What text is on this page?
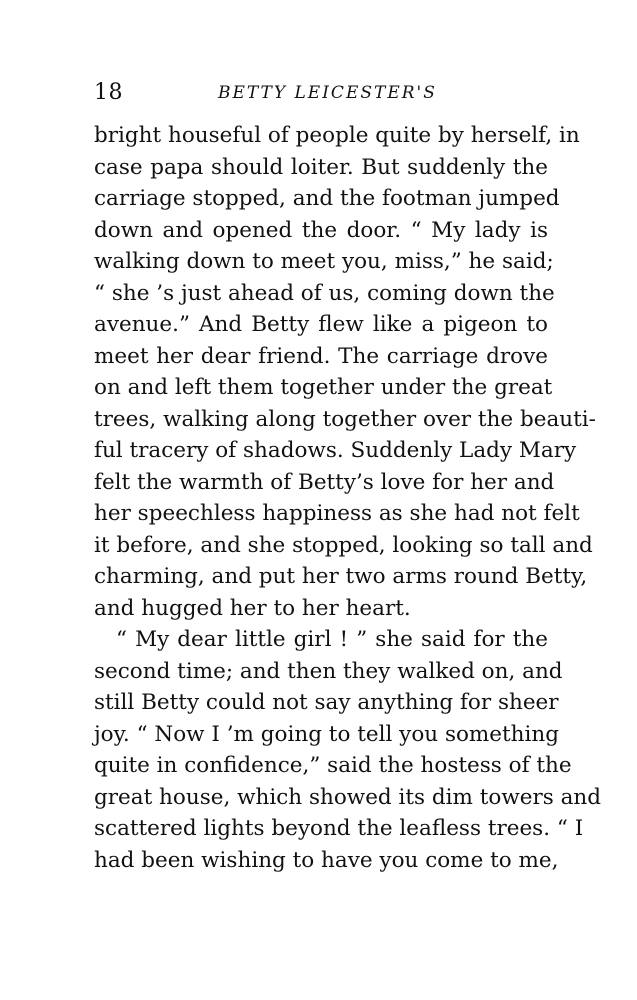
18	BETTY LEICESTER'S
bright houseful of people quite by herself, in
case papa should loiter. But suddenly the
carriage stopped, and the footman jumped
down and opened the door. “ My lady is
walking down to meet you, miss,” he said;
“ she ’s just ahead of us, coming down the
avenue.” And Betty flew like a pigeon to
meet her dear friend. The carriage drove
on and left them together under the great
trees, walking along together over the beauti-
ful tracery of shadows. Suddenly Lady Mary
felt the warmth of Betty’s love for her and
her speechless happiness as she had not felt
it before, and she stopped, looking so tall and
charming, and put her two arms round Betty,
and hugged her to her heart.
“ My dear little girl ! ” she said for the
second time; and then they walked on, and
still Betty could not say anything for sheer
joy. “ Now I ’m going to tell you something
quite in confidence,” said the hostess of the
great house, which showed its dim towers and
scattered lights beyond the leafless trees. “ I
had been wishing to have you come to me,
